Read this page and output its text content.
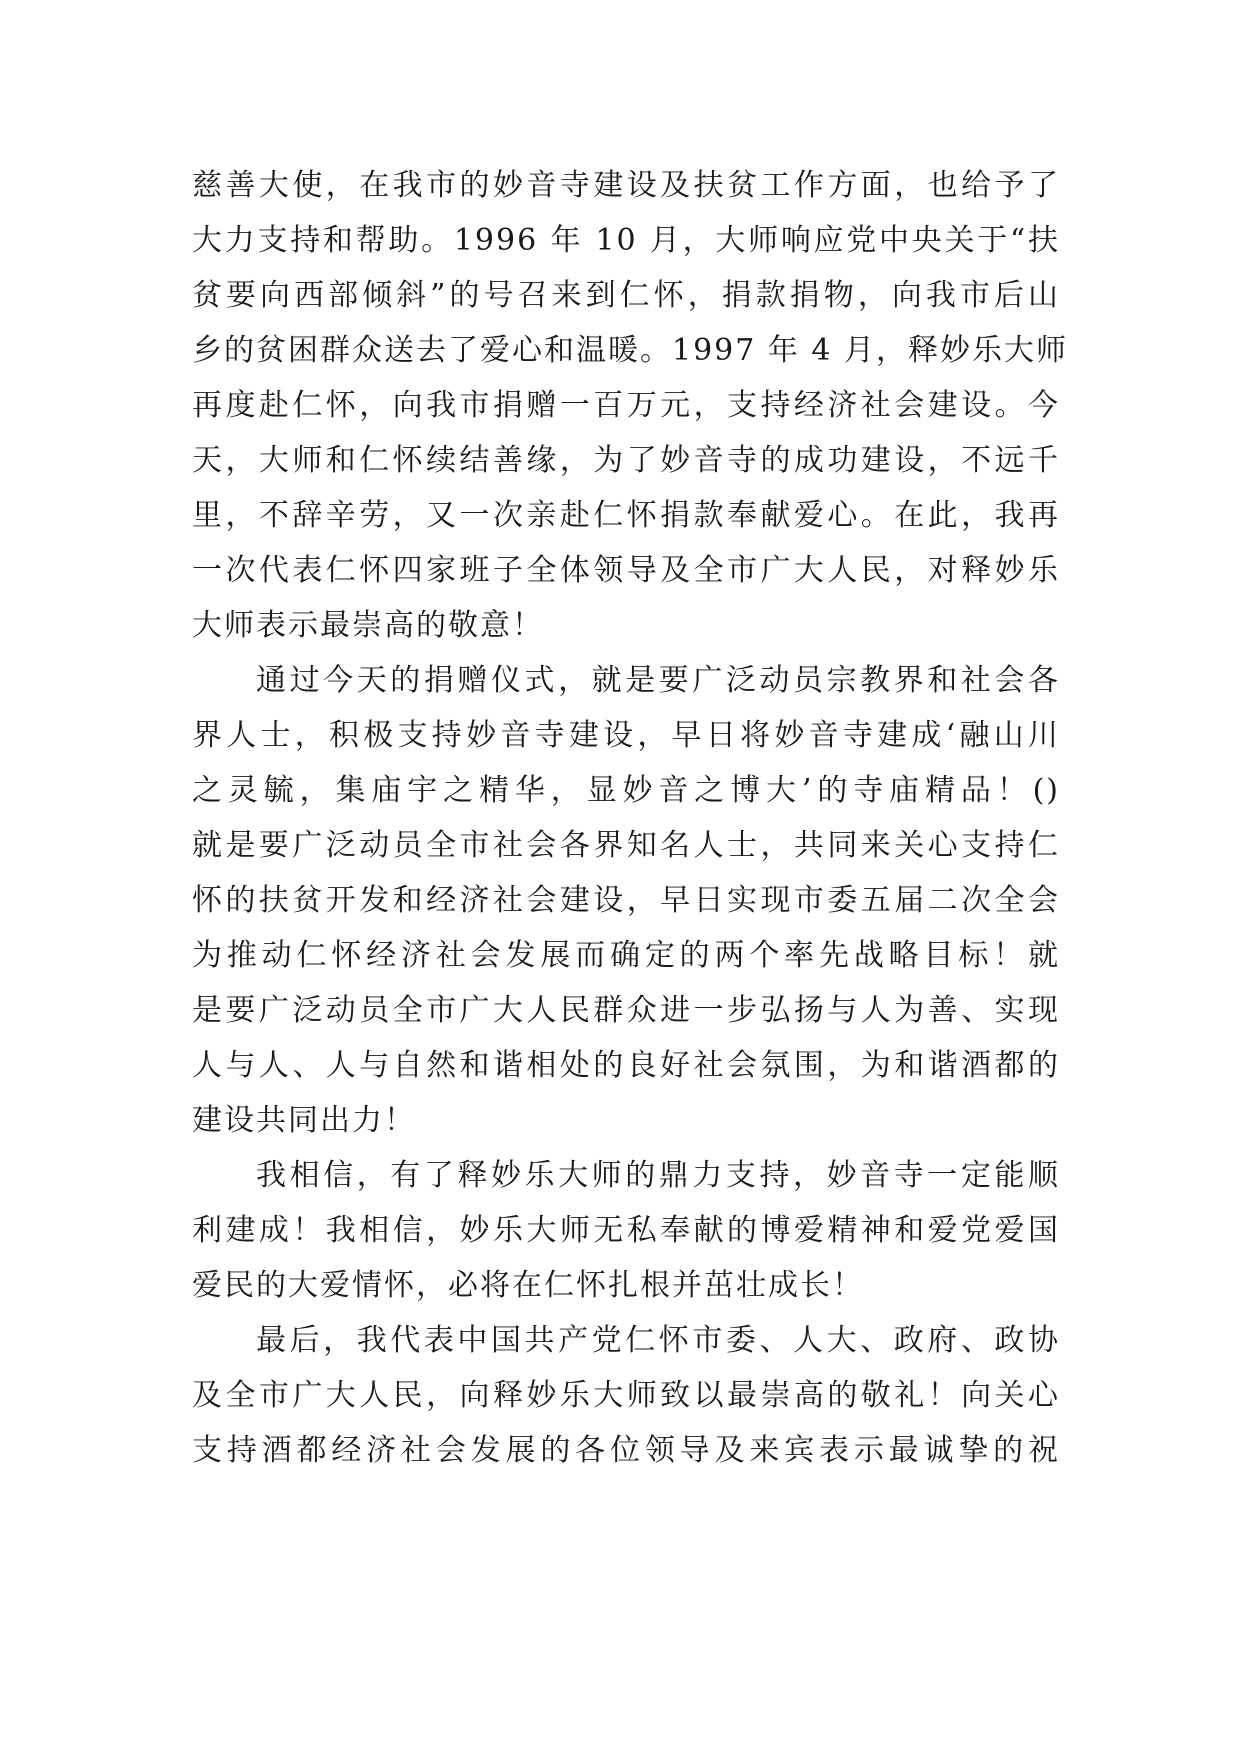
慈善大使，在我市的妙音寺建设及扶贫工作方面，也给予了
大力支持和帮助。1996 年 10 月，大师响应党中央关于“扶
贫要向西部倾斜”的号召来到仁怀，捐款捐物，向我市后山
乡的贫困群众送去了爱心和温暖。1997 年 4 月，释妙乐大师
再度赴仁怀，向我市捐赠一百万元，支持经济社会建设。今
天，大师和仁怀续结善缘，为了妙音寺的成功建设，不远千
里，不辞辛劳，又一次亲赴仁怀捐款奉献爱心。在此，我再
一次代表仁怀四家班子全体领导及全市广大人民，对释妙乐
大师表示最崇高的敬意！
通过今天的捐赠仪式，就是要广泛动员宗教界和社会各
界人士，积极支持妙音寺建设，早日将妙音寺建成‘融山川
之灵毓，集庙宇之精华，显妙音之博大’的寺庙精品！()
就是要广泛动员全市社会各界知名人士，共同来关心支持仁
怀的扶贫开发和经济社会建设，早日实现市委五届二次全会
为推动仁怀经济社会发展而确定的两个率先战略目标！就
是要广泛动员全市广大人民群众进一步弘扬与人为善、实现
人与人、人与自然和谐相处的良好社会氛围，为和谐酒都的
建设共同出力！
我相信，有了释妙乐大师的鼎力支持，妙音寺一定能顺
利建成！我相信，妙乐大师无私奉献的博爱精神和爱党爱国
爱民的大爱情怀，必将在仁怀扎根并茁壮成长！
最后，我代表中国共产党仁怀市委、人大、政府、政协
及全市广大人民，向释妙乐大师致以最崇高的敬礼！向关心
支持酒都经济社会发展的各位领导及来宾表示最诚挚的祝
